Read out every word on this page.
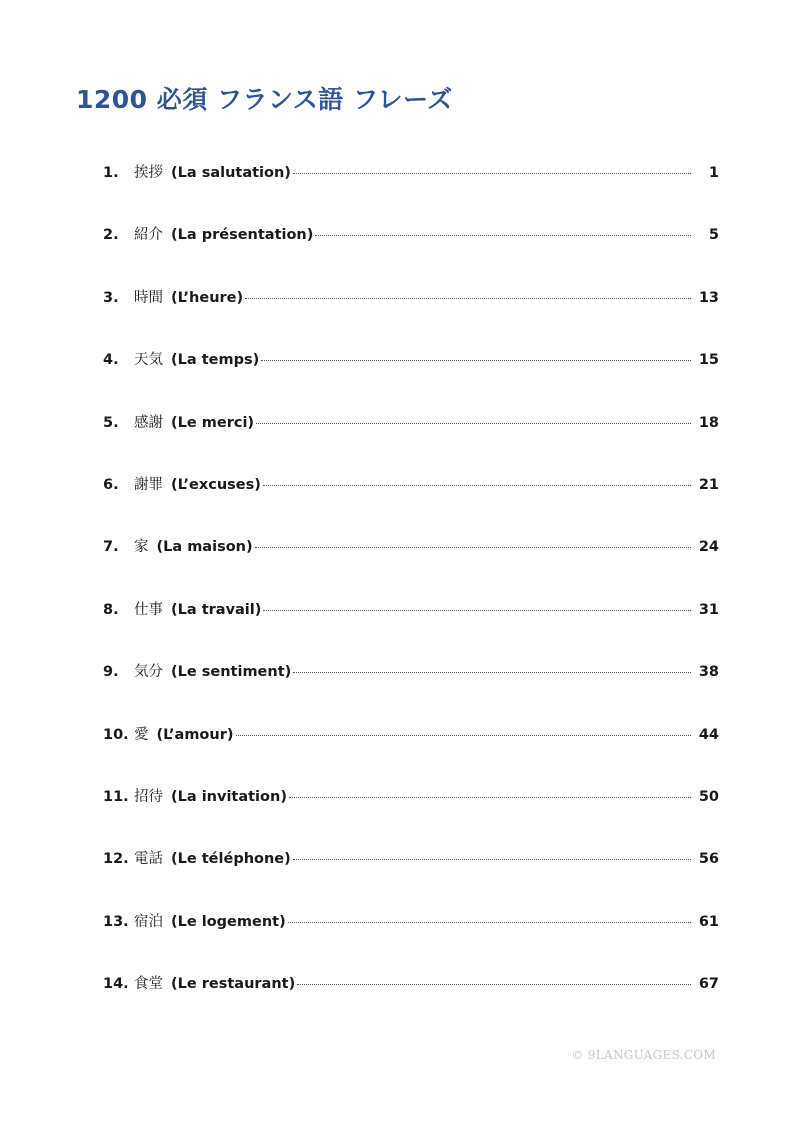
1200 必須 フランス語 フレーズ
1.	挨拶 (La salutation)	1
2.	紹介 (La présentation)	5
3.	時間 (L’heure)	13
4.	天気 (La temps)	15
5.	感謝 (Le merci)	18
6.	謝罪 (L’excuses)	21
7.	家 (La maison)	24
8.	仕事 (La travail)	31
9.	気分 (Le sentiment)	38
10. 愛 (L’amour)	44
11. 招待 (La invitation)	50
12. 電話 (Le téléphone)	56
13. 宿泊 (Le logement)	61
14. 食堂 (Le restaurant)	67
© 9LANGUAGES.COM
